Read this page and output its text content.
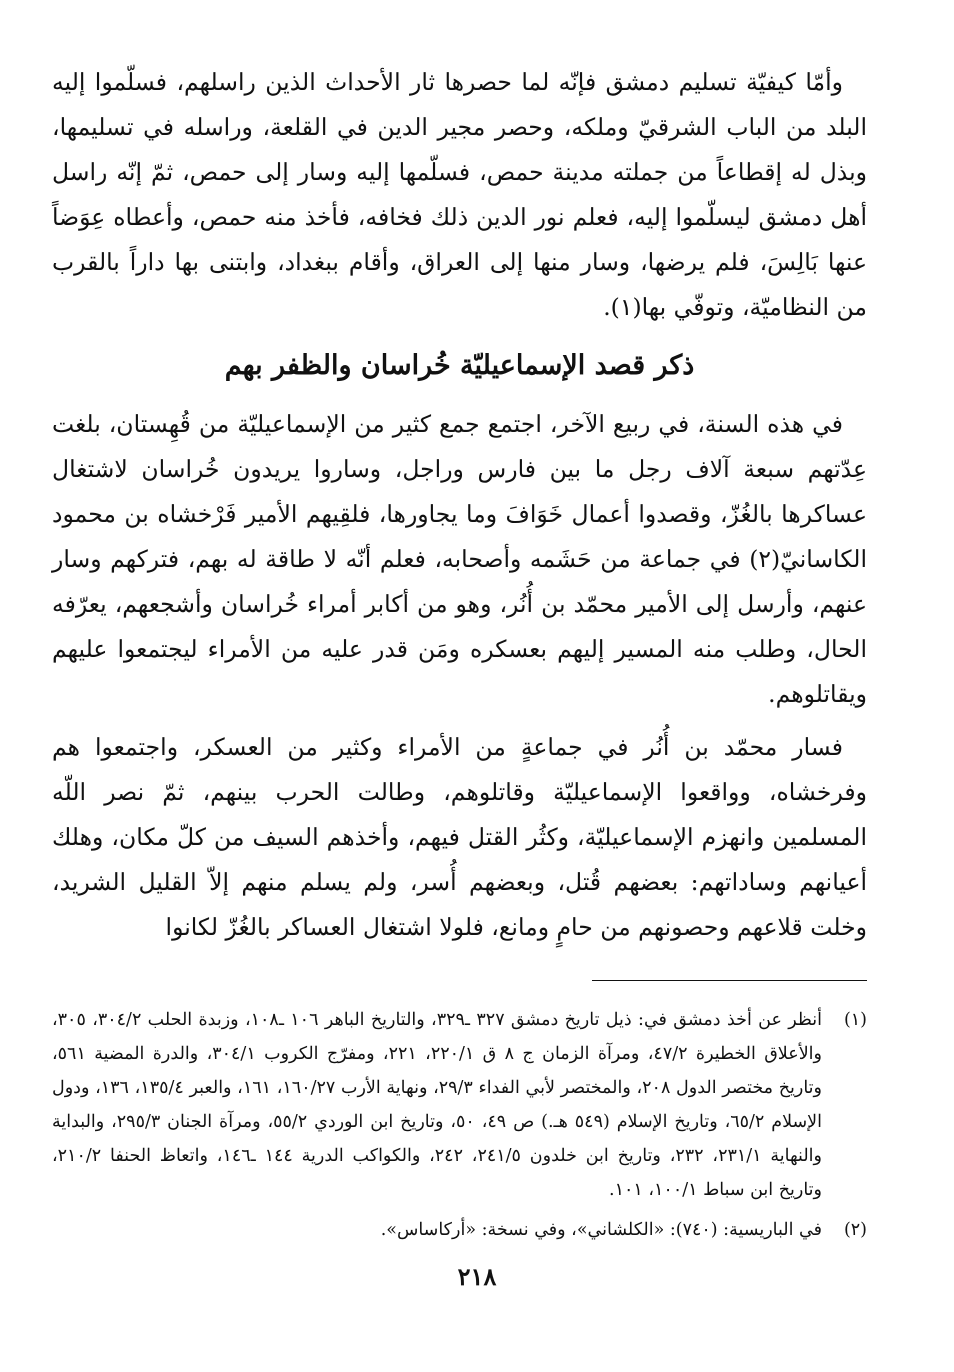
وأمّا كيفيّة تسليم دمشق فإنّه لما حصرها ثار الأحداث الذين راسلهم، فسلّموا إليه البلد من الباب الشرقيّ وملكه، وحصر مجير الدين في القلعة، وراسله في تسليمها، وبذل له إقطاعاً من جملته مدينة حمص، فسلّمها إليه وسار إلى حمص، ثمّ إنّه راسل أهل دمشق ليسلّموا إليه، فعلم نور الدين ذلك فخافه، فأخذ منه حمص، وأعطاه عِوَضاً عنها بَالِسَ، فلم يرضها، وسار منها إلى العراق، وأقام ببغداد، وابتنى بها داراً بالقرب من النظاميّة، وتوفّي بها(١).

ذكر قصد الإسماعيليّة خُراسان والظفر بهم

في هذه السنة، في ربيع الآخر، اجتمع جمع كثير من الإسماعيليّة من قُهِستان، بلغت عِدّتهم سبعة آلاف رجل ما بين فارس وراجل، وساروا يريدون خُراسان لاشتغال عساكرها بالغُزّ، وقصدوا أعمال خَوَافَ وما يجاورها، فلقِيهم الأمير فَرْخشاه بن محمود الكاسانيّ(٢) في جماعة من حَشَمه وأصحابه، فعلم أنّه لا طاقة له بهم، فتركهم وسار عنهم، وأرسل إلى الأمير محمّد بن أُنُر، وهو من أكابر أمراء خُراسان وأشجعهم، يعرّفه الحال، وطلب منه المسير إليهم بعسكره ومَن قدر عليه من الأمراء ليجتمعوا عليهم ويقاتلوهم.

فسار محمّد بن أُنُر في جماعةٍ من الأمراء وكثير من العسكر، واجتمعوا هم وفرخشاه، وواقعوا الإسماعيليّة وقاتلوهم، وطالت الحرب بينهم، ثمّ نصر اللّه المسلمين وانهزم الإسماعيليّة، وكثُر القتل فيهم، وأخذهم السيف من كلّ مكان، وهلك أعيانهم وساداتهم: بعضهم قُتل، وبعضهم أُسر، ولم يسلم منهم إلاّ القليل الشريد، وخلت قلاعهم وحصونهم من حامٍ ومانع، فلولا اشتغال العساكر بالغُزّ لكانوا

(١)
أنظر عن أخذ دمشق في: ذيل تاريخ دمشق ٣٢٧ ـ٣٢٩، والتاريخ الباهر ١٠٦ ـ١٠٨، وزبدة الحلب ٣٠٤/٢، ٣٠٥، والأعلاق الخطيرة ٤٧/٢، ومرآة الزمان ج ٨ ق ٢٢٠/١، ٢٢١، ومفرّج الكروب ٣٠٤/١، والدرة المضية ٥٦١، وتاريخ مختصر الدول ٢٠٨، والمختصر لأبي الفداء ٢٩/٣، ونهاية الأرب ١٦٠/٢٧، ١٦١، والعبر ١٣٥/٤، ١٣٦، ودول الإسلام ٦٥/٢، وتاريخ الإسلام (٥٤٩ هـ.) ص ٤٩، ٥٠، وتاريخ ابن الوردي ٥٥/٢، ومرآة الجنان ٢٩٥/٣، والبداية والنهاية ٢٣١/١، ٢٣٢، وتاريخ ابن خلدون ٢٤١/٥، ٢٤٢، والكواكب الدرية ١٤٤ ـ١٤٦، واتعاظ الحنفا ٢١٠/٢، وتاريخ ابن سباط ١٠٠/١، ١٠١.
(٢)
في الباريسية: (٧٤٠): «الكلشاني»، وفي نسخة: «أركاساس».
٢١٨
